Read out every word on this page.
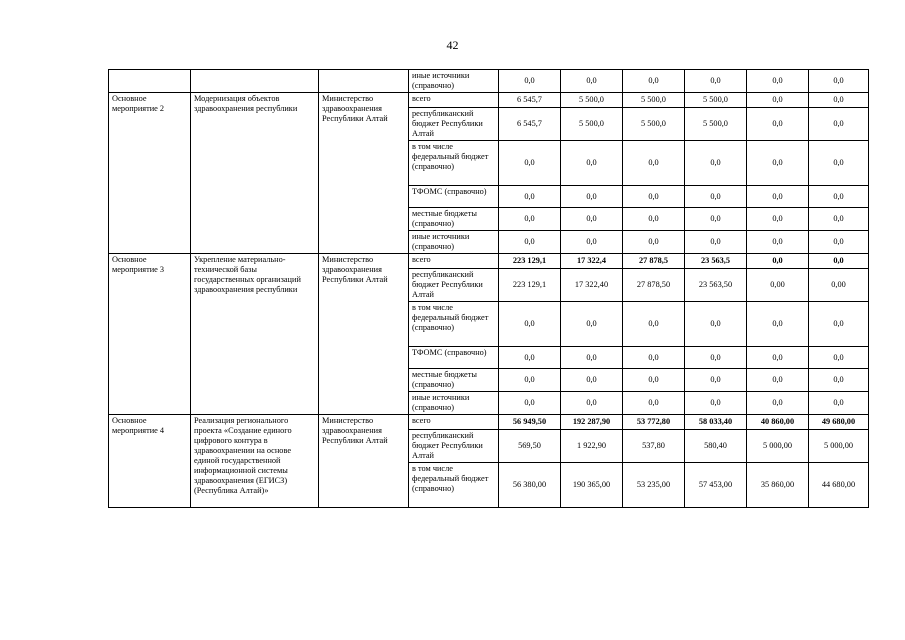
42
			иные источники (справочно)	0,0	0,0	0,0	0,0	0,0	0,0
Основное мероприятие 2	Модернизация объектов здравоохранения республики	Министерство здравоохранения Республики Алтай	всего	6 545,7	5 500,0	5 500,0	5 500,0	0,0	0,0
			республиканский бюджет Республики Алтай	6 545,7	5 500,0	5 500,0	5 500,0	0,0	0,0
			в том числе федеральный бюджет (справочно)	0,0	0,0	0,0	0,0	0,0	0,0
			ТФОМС (справочно)	0,0	0,0	0,0	0,0	0,0	0,0
			местные бюджеты (справочно)	0,0	0,0	0,0	0,0	0,0	0,0
			иные источники (справочно)	0,0	0,0	0,0	0,0	0,0	0,0
Основное мероприятие 3	Укрепление материально-технической базы государственных организаций здравоохранения республики	Министерство здравоохранения Республики Алтай	всего	223 129,1	17 322,4	27 878,5	23 563,5	0,0	0,0
			республиканский бюджет Республики Алтай	223 129,1	17 322,40	27 878,50	23 563,50	0,00	0,00
			в том числе федеральный бюджет (справочно)	0,0	0,0	0,0	0,0	0,0	0,0
			ТФОМС (справочно)	0,0	0,0	0,0	0,0	0,0	0,0
			местные бюджеты (справочно)	0,0	0,0	0,0	0,0	0,0	0,0
			иные источники (справочно)	0,0	0,0	0,0	0,0	0,0	0,0
Основное мероприятие 4	Реализация регионального проекта «Создание единого цифрового контура в здравоохранении на основе единой государственной информационной системы здравоохранения (ЕГИСЗ) (Республика Алтай)»	Министерство здравоохранения Республики Алтай	всего	56 949,50	192 287,90	53 772,80	58 033,40	40 860,00	49 680,00
			республиканский бюджет Республики Алтай	569,50	1 922,90	537,80	580,40	5 000,00	5 000,00
			в том числе федеральный бюджет (справочно)	56 380,00	190 365,00	53 235,00	57 453,00	35 860,00	44 680,00
